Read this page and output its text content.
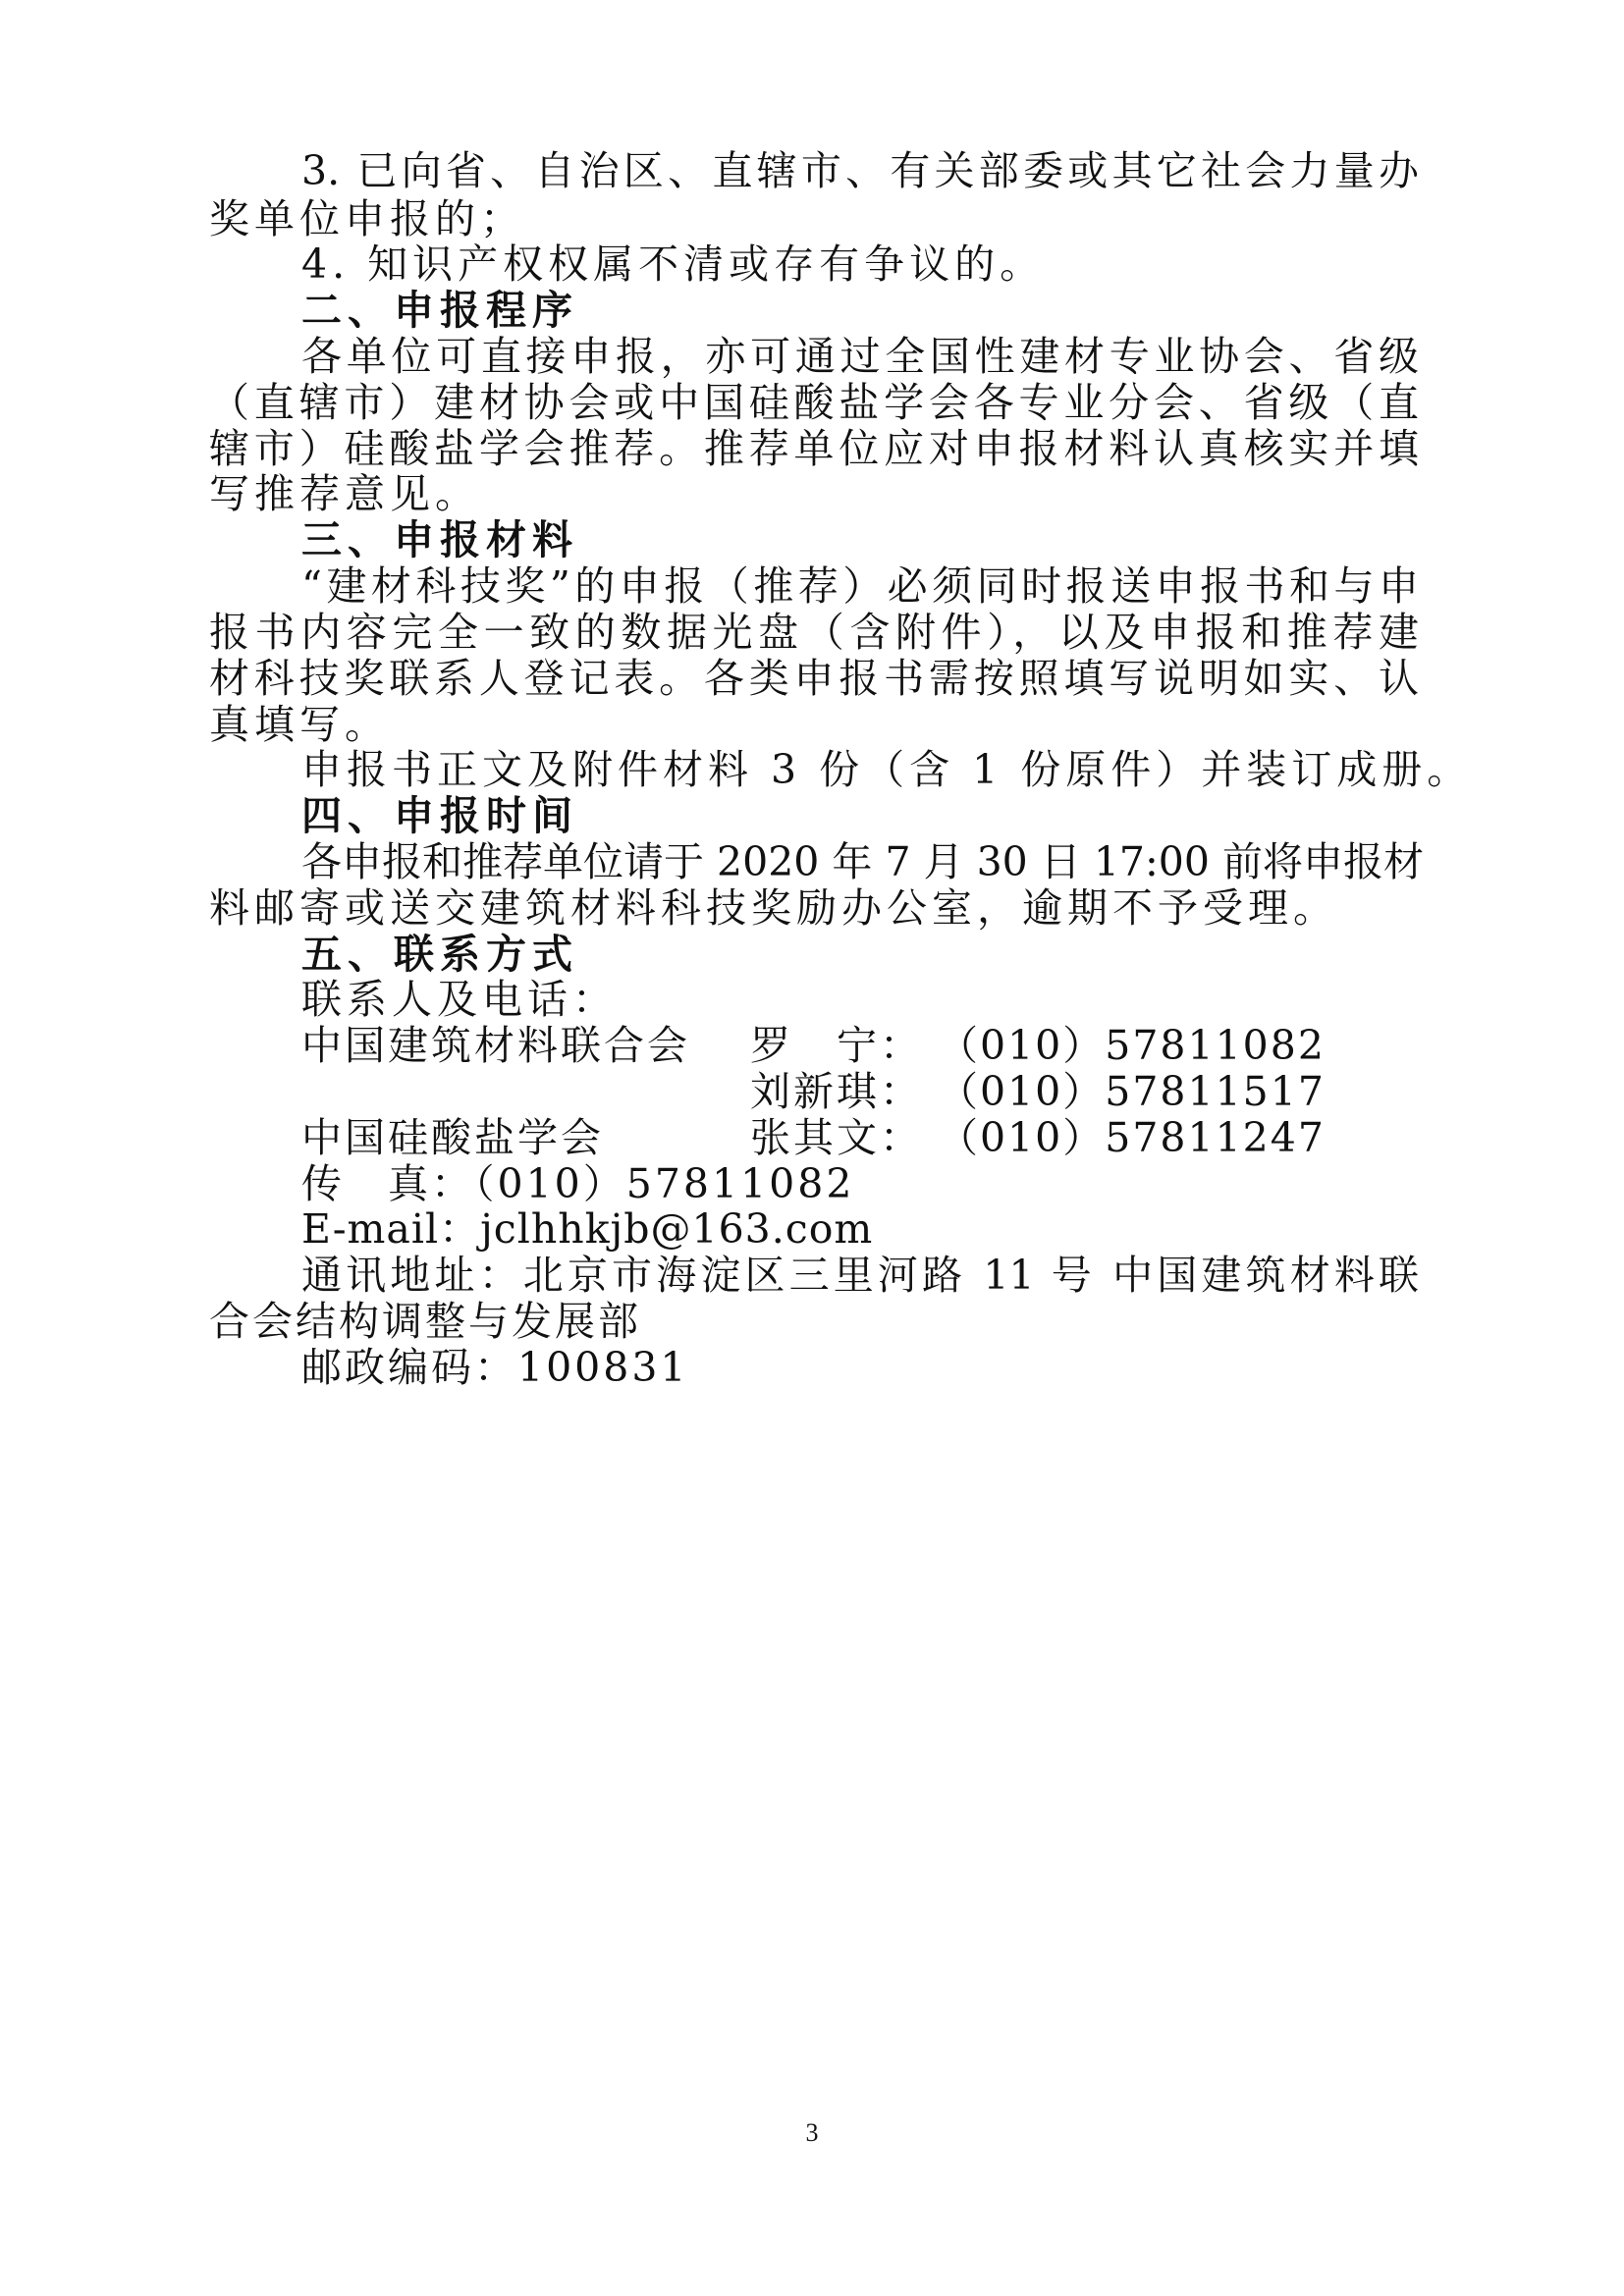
3. 已向省、自治区、直辖市、有关部委或其它社会力量办
奖单位申报的；
4. 知识产权权属不清或存有争议的。
二、申报程序
各单位可直接申报，亦可通过全国性建材专业协会、省级
（直辖市）建材协会或中国硅酸盐学会各专业分会、省级（直
辖市）硅酸盐学会推荐。推荐单位应对申报材料认真核实并填
写推荐意见。
三、申报材料
“建材科技奖”的申报（推荐）必须同时报送申报书和与申
报书内容完全一致的数据光盘（含附件），以及申报和推荐建
材科技奖联系人登记表。各类申报书需按照填写说明如实、认
真填写。
申报书正文及附件材料 3 份（含 1 份原件）并装订成册。
四、申报时间
各申报和推荐单位请于 2020 年 7 月 30 日 17:00 前将申报材
料邮寄或送交建筑材料科技奖励办公室，逾期不予受理。
五、联系方式
联系人及电话：
中国建筑材料联合会	罗　宁： （010）57811082
刘新琪： （010）57811517
中国硅酸盐学会	张其文： （010）57811247
传　真：（010）57811082
E-mail：jclhhkjb@163.com
通讯地址：北京市海淀区三里河路 11 号 中国建筑材料联
合会结构调整与发展部
邮政编码：100831
3
